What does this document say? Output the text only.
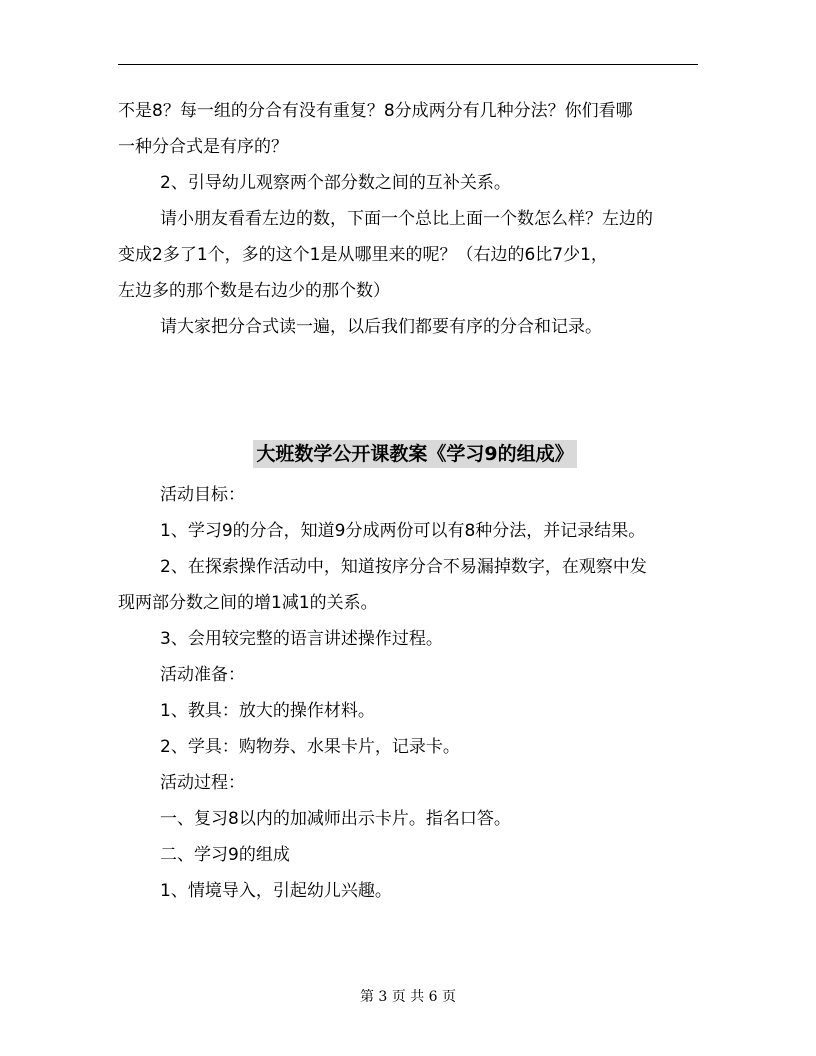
不是8？每一组的分合有没有重复？8分成两分有几种分法？你们看哪

一种分合式是有序的？

2、引导幼儿观察两个部分数之间的互补关系。

请小朋友看看左边的数，下面一个总比上面一个数怎么样？左边的

变成2多了1个，多的这个1是从哪里来的呢？（右边的6比7少1，

左边多的那个数是右边少的那个数）

请大家把分合式读一遍，以后我们都要有序的分合和记录。

大班数学公开课教案《学习9的组成》

活动目标：

1、学习9的分合，知道9分成两份可以有8种分法，并记录结果。

2、在探索操作活动中，知道按序分合不易漏掉数字，在观察中发

现两部分数之间的增1减1的关系。

3、会用较完整的语言讲述操作过程。

活动准备：

1、教具：放大的操作材料。

2、学具：购物券、水果卡片，记录卡。

活动过程：

一、复习8以内的加减师出示卡片。指名口答。

二、学习9的组成

1、情境导入，引起幼儿兴趣。

第 3 页 共 6 页
